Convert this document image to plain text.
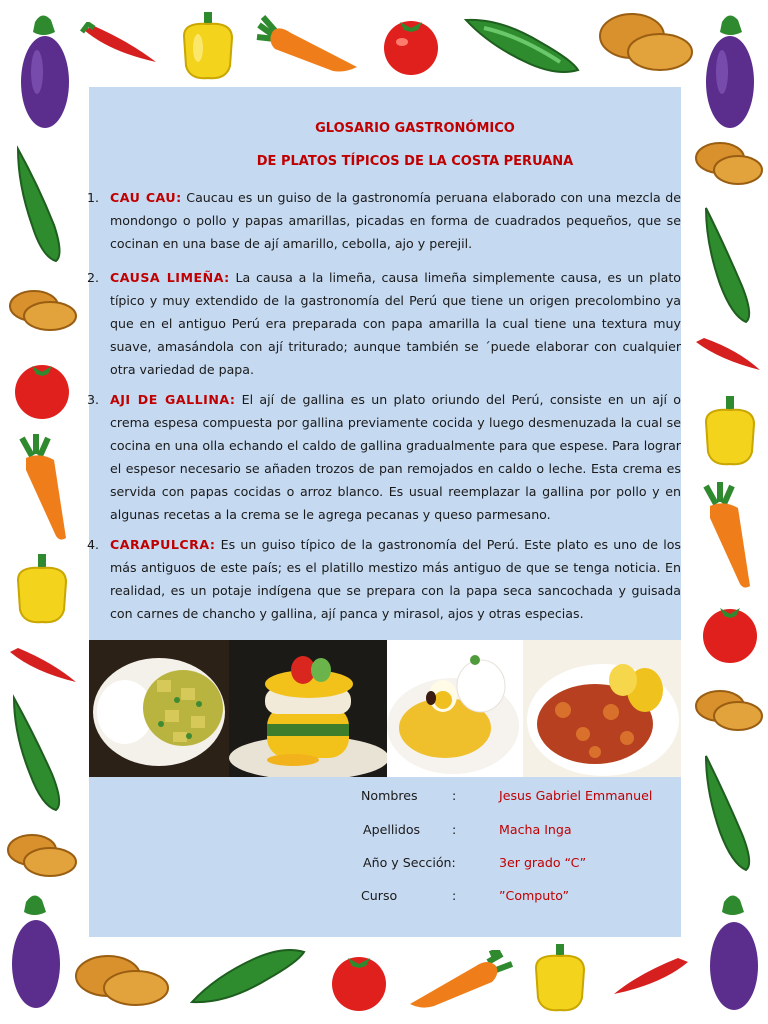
GLOSARIO GASTRONÓMICO
DE PLATOS TÍPICOS DE LA COSTA PERUANA
1. CAU CAU: Caucau es un guiso de la gastronomía peruana elaborado con una mezcla de mondongo o pollo y papas amarillas, picadas en forma de cuadrados pequeños, que se cocinan en una base de ají amarillo, cebolla, ajo y perejil.

2. CAUSA LIMEÑA: La causa a la limeña, causa limeña simplemente causa, es un plato típico y muy extendido de la gastronomía del Perú que tiene un origen precolombino ya que en el antiguo Perú era preparada con papa amarilla la cual tiene una textura muy suave, amasándola con ají triturado; aunque también se ´puede elaborar con cualquier otra variedad de papa.

3. AJI DE GALLINA: El ají de gallina es un plato oriundo del Perú, consiste en un ají o crema espesa compuesta por gallina previamente cocida y luego desmenuzada la cual se cocina en una olla echando el caldo de gallina gradualmente para que espese. Para lograr el espesor necesario se añaden trozos de pan remojados en caldo o leche. Esta crema es servida con papas cocidas o arroz blanco. Es usual reemplazar la gallina por pollo y en algunas recetas a la crema se le agrega pecanas y queso parmesano.

4. CARAPULCRA: Es un guiso típico de la gastronomía del Perú. Este plato es uno de los más antiguos de este país; es el platillo mestizo más antiguo de que se tenga noticia. En realidad, es un potaje indígena que se prepara con la papa seca sancochada y guisada con carnes de chancho y gallina, ají panca y mirasol, ajos y otras especias.

Nombres	:	Jesus Gabriel Emmanuel
Apellidos	:	Macha Inga
Año y Sección:	3er grado “C”
Curso	:	”Computo”
